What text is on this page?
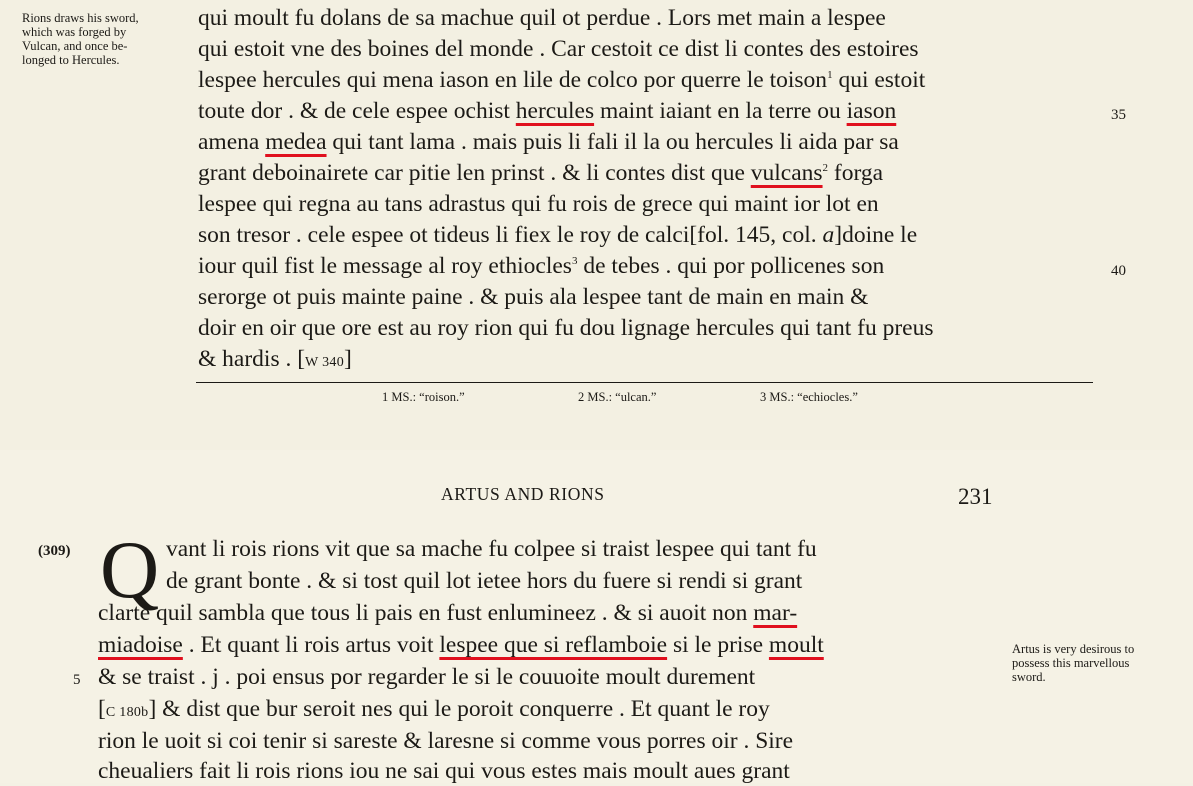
Rions draws his sword,
which was forged by
Vulcan, and once be-
longed to Hercules.
qui moult fu dolans de sa machue quil ot perdue . Lors met main a lespee
qui estoit vne des boines del monde . Car cestoit ce dist li contes des estoires
lespee hercules qui mena iason en lile de colco por querre le toison$^1$ qui estoit
toute dor . & de cele espee ochist hercules maint iaiant en la terre ou iason
amena medea qui tant lama . mais puis li fali il la ou hercules li aida par sa
grant deboinairete car pitie len prinst . & li contes dist que vulcans$^2$ forga
lespee qui regna au tans adrastus qui fu rois de grece qui maint ior lot en
son tresor . cele espee ot tideus li fiex le roy de calci[fol. 145, col. a]doine le
iour quil fist le message al roy ethiocles$^3$ de tebes . qui por pollicenes son
serorge ot puis mainte paine . & puis ala lespee tant de main en main &
doir en oir que ore est au roy rion qui fu dou lignage hercules qui tant fu preus
& hardis . [W 340]
35
40
1 MS.: “roison.”	2 MS.: “ulcan.”	3 MS.: “echiocles.”
ARTUS AND RIONS	231
(309) Q vant li rois rions vit que sa mache fu colpee si traist lespee qui tant fu
de grant bonte . & si tost quil lot ietee hors du fuere si rendi si grant
clarte quil sambla que tous li pais en fust enlumineez . & si auoit non mar-
miadoise . Et quant li rois artus voit lespee que si reflamboie si le prise moult
& se traist . j . poi ensus por regarder le si le couuoite moult durement
[C 180b] & dist que bur seroit nes qui le poroit conquerre . Et quant le roy
rion le uoit si coi tenir si sareste & laresne si comme vous porres oir . Sire
cheualiers fait li rois rions iou ne sai qui vous estes mais moult aues grant
5
Artus is very desirous to
possess this marvellous
sword.
